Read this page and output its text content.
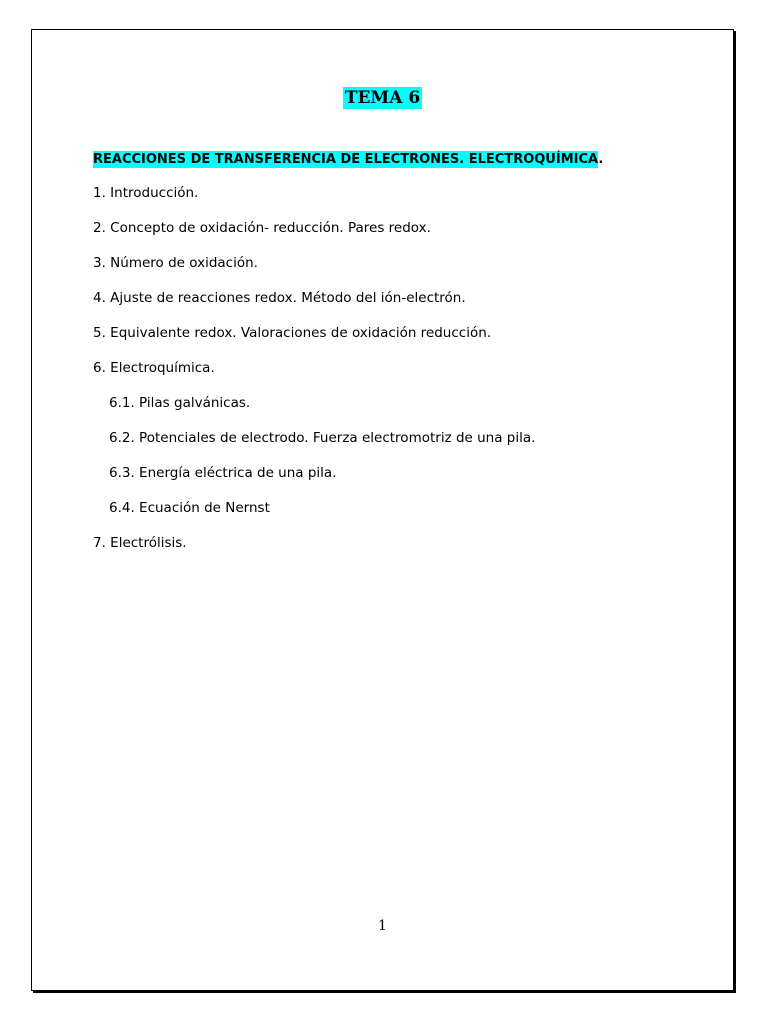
TEMA 6
REACCIONES DE TRANSFERENCIA DE ELECTRONES. ELECTROQUÍMICA.
1. Introducción.
2. Concepto de oxidación- reducción. Pares redox.
3. Número de oxidación.
4. Ajuste de reacciones redox. Método del ión-electrón.
5. Equivalente redox. Valoraciones de oxidación reducción.
6. Electroquímica.
6.1. Pilas galvánicas.
6.2. Potenciales de electrodo. Fuerza electromotriz de una pila.
6.3. Energía eléctrica de una pila.
6.4. Ecuación de Nernst
7. Electrólisis.
1
